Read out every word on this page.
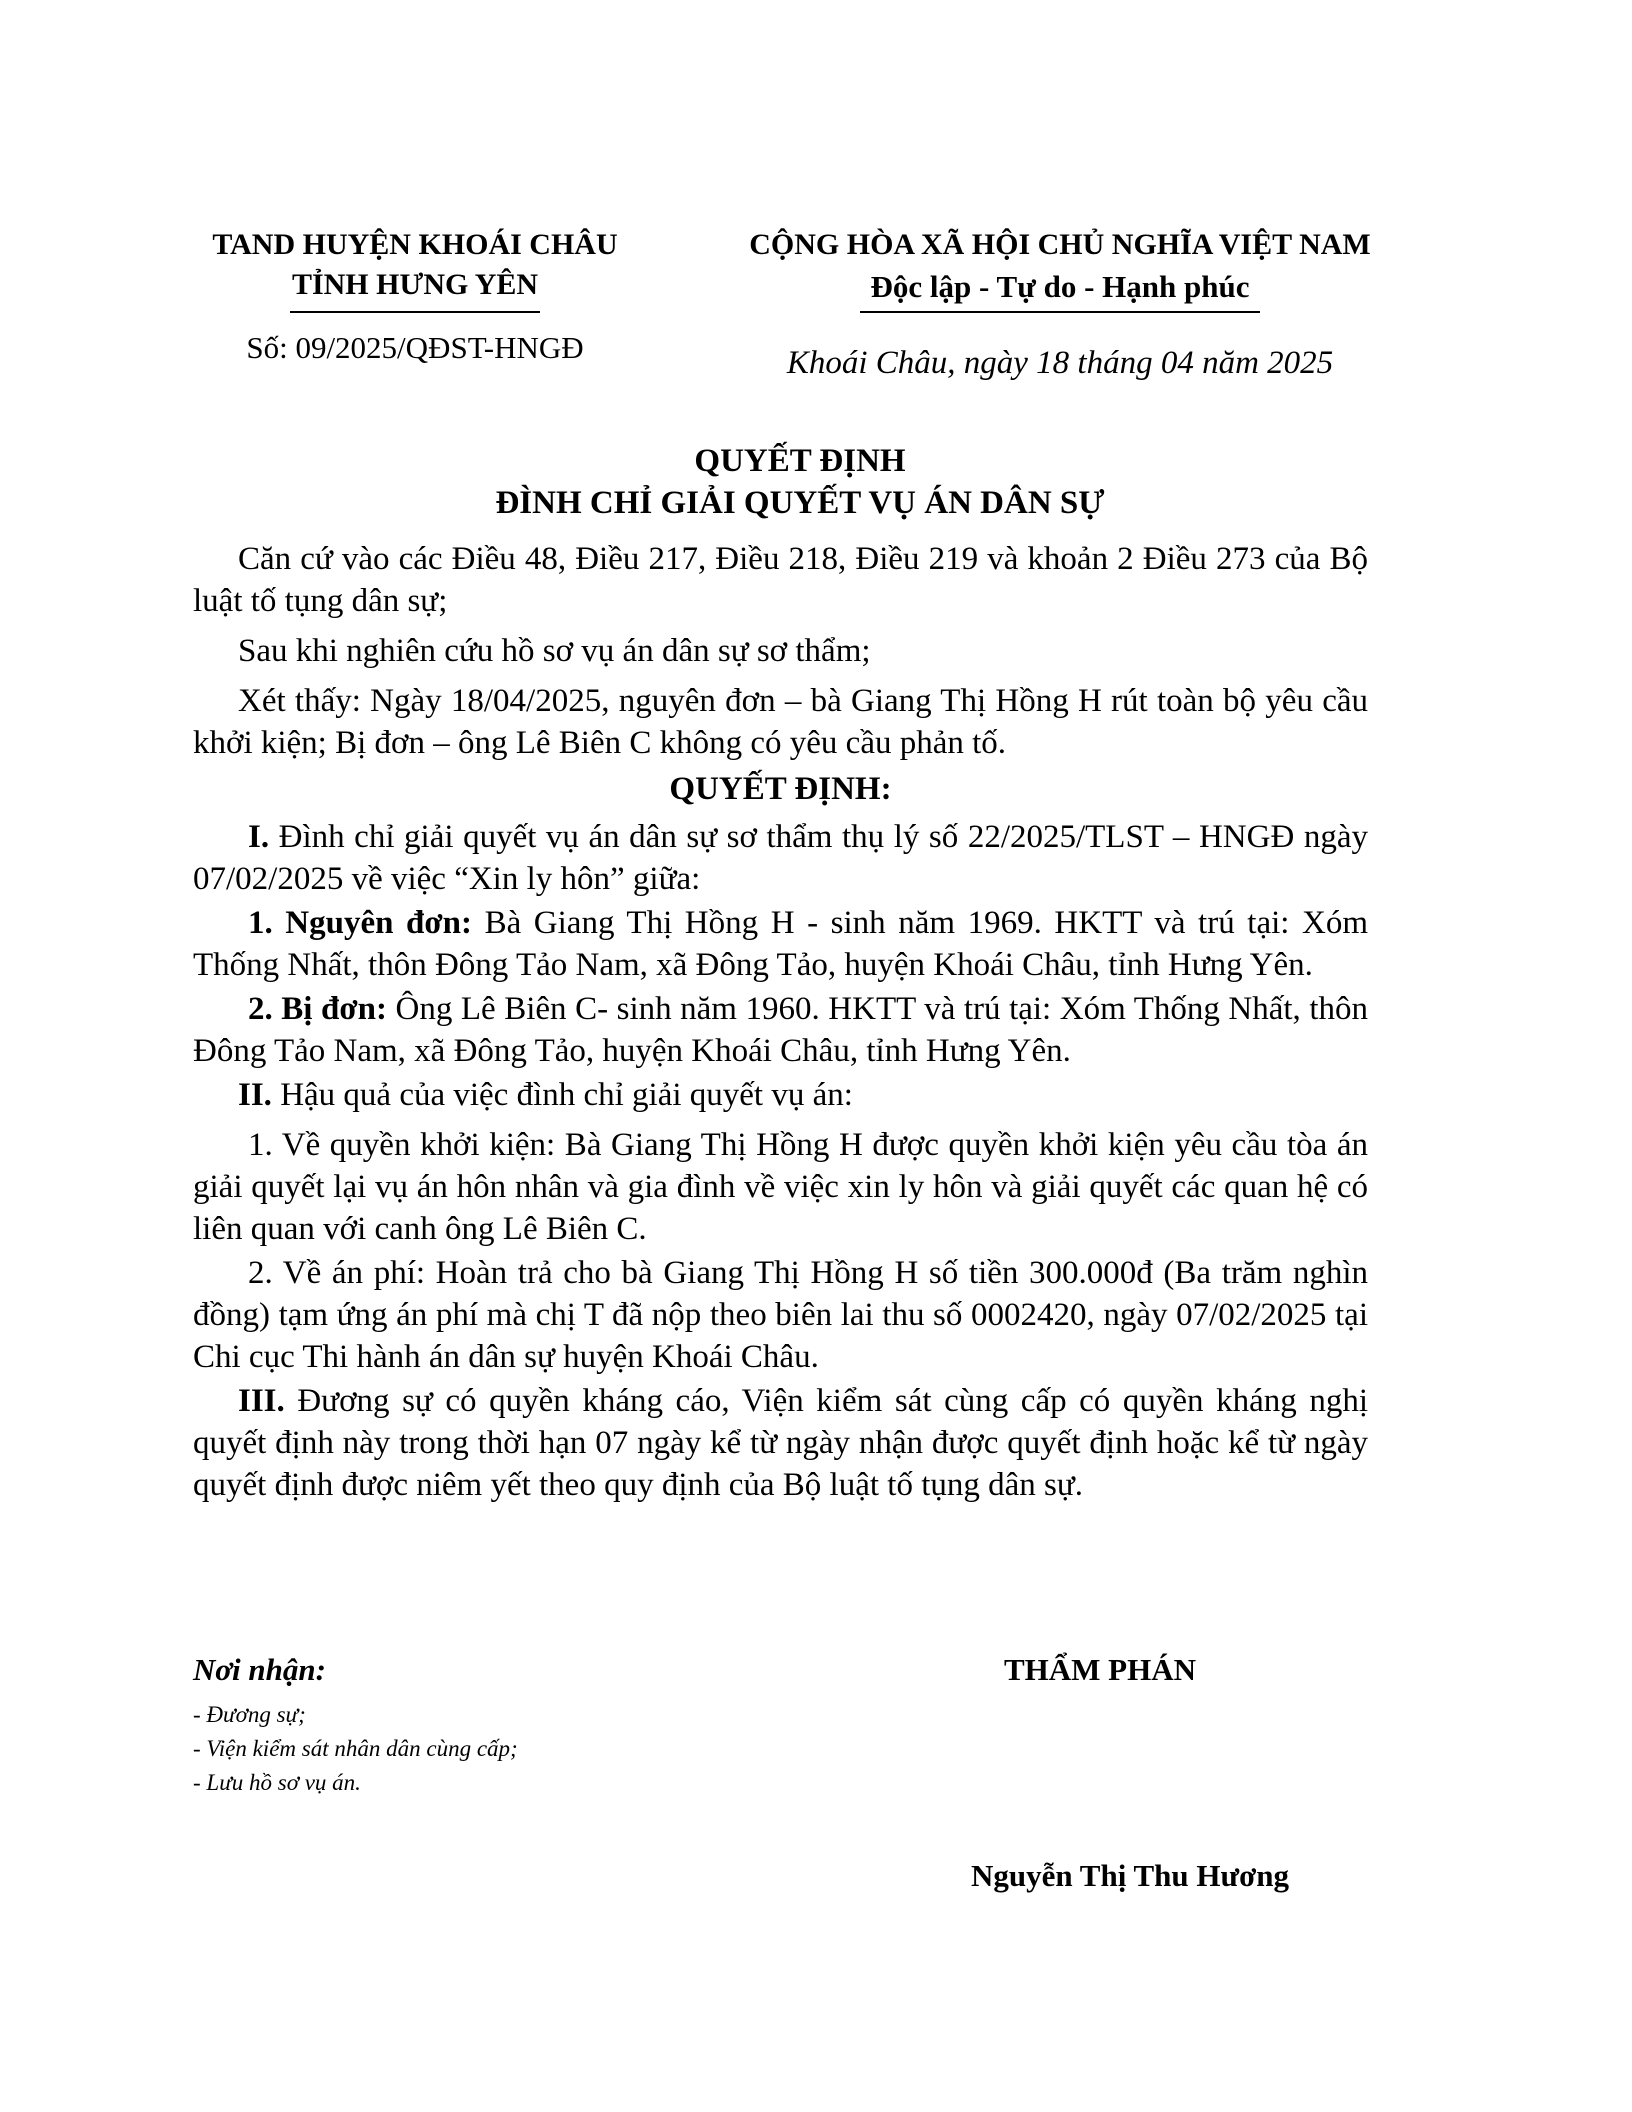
TAND HUYỆN KHOÁI CHÂU
TỈNH HƯNG YÊN
Số: 09/2025/QĐST-HNGĐ
CỘNG HÒA XÃ HỘI CHỦ NGHĨA VIỆT NAM
Độc lập - Tự do - Hạnh phúc
Khoái Châu, ngày 18 tháng 04 năm 2025
QUYẾT ĐỊNH
ĐÌNH CHỈ GIẢI QUYẾT VỤ ÁN DÂN SỰ

Căn cứ vào các Điều 48, Điều 217, Điều 218, Điều 219 và khoản 2 Điều 273 của Bộ luật tố tụng dân sự;

Sau khi nghiên cứu hồ sơ vụ án dân sự sơ thẩm;

Xét thấy: Ngày 18/04/2025, nguyên đơn – bà Giang Thị Hồng H rút toàn bộ yêu cầu khởi kiện; Bị đơn – ông Lê Biên C không có yêu cầu phản tố.

QUYẾT ĐỊNH:

I. Đình chỉ giải quyết vụ án dân sự sơ thẩm thụ lý số 22/2025/TLST – HNGĐ ngày 07/02/2025 về việc “Xin ly hôn” giữa:

1. Nguyên đơn: Bà Giang Thị Hồng H - sinh năm 1969. HKTT và trú tại: Xóm Thống Nhất, thôn Đông Tảo Nam, xã Đông Tảo, huyện Khoái Châu, tỉnh Hưng Yên.

2. Bị đơn: Ông Lê Biên C- sinh năm 1960. HKTT và trú tại: Xóm Thống Nhất, thôn Đông Tảo Nam, xã Đông Tảo, huyện Khoái Châu, tỉnh Hưng Yên.

II. Hậu quả của việc đình chỉ giải quyết vụ án:

1. Về quyền khởi kiện: Bà Giang Thị Hồng H được quyền khởi kiện yêu cầu tòa án giải quyết lại vụ án hôn nhân và gia đình về việc xin ly hôn và giải quyết các quan hệ có liên quan với canh ông Lê Biên C.

2. Về án phí: Hoàn trả cho bà Giang Thị Hồng H số tiền 300.000đ (Ba trăm nghìn đồng) tạm ứng án phí mà chị T đã nộp theo biên lai thu số 0002420, ngày 07/02/2025 tại Chi cục Thi hành án dân sự huyện Khoái Châu.

III. Đương sự có quyền kháng cáo, Viện kiểm sát cùng cấp có quyền kháng nghị quyết định này trong thời hạn 07 ngày kể từ ngày nhận được quyết định hoặc kể từ ngày quyết định được niêm yết theo quy định của Bộ luật tố tụng dân sự.

Nơi nhận:
- Đương sự;
- Viện kiểm sát nhân dân cùng cấp;
- Lưu hồ sơ vụ án.
THẨM PHÁN
Nguyễn Thị Thu Hương
